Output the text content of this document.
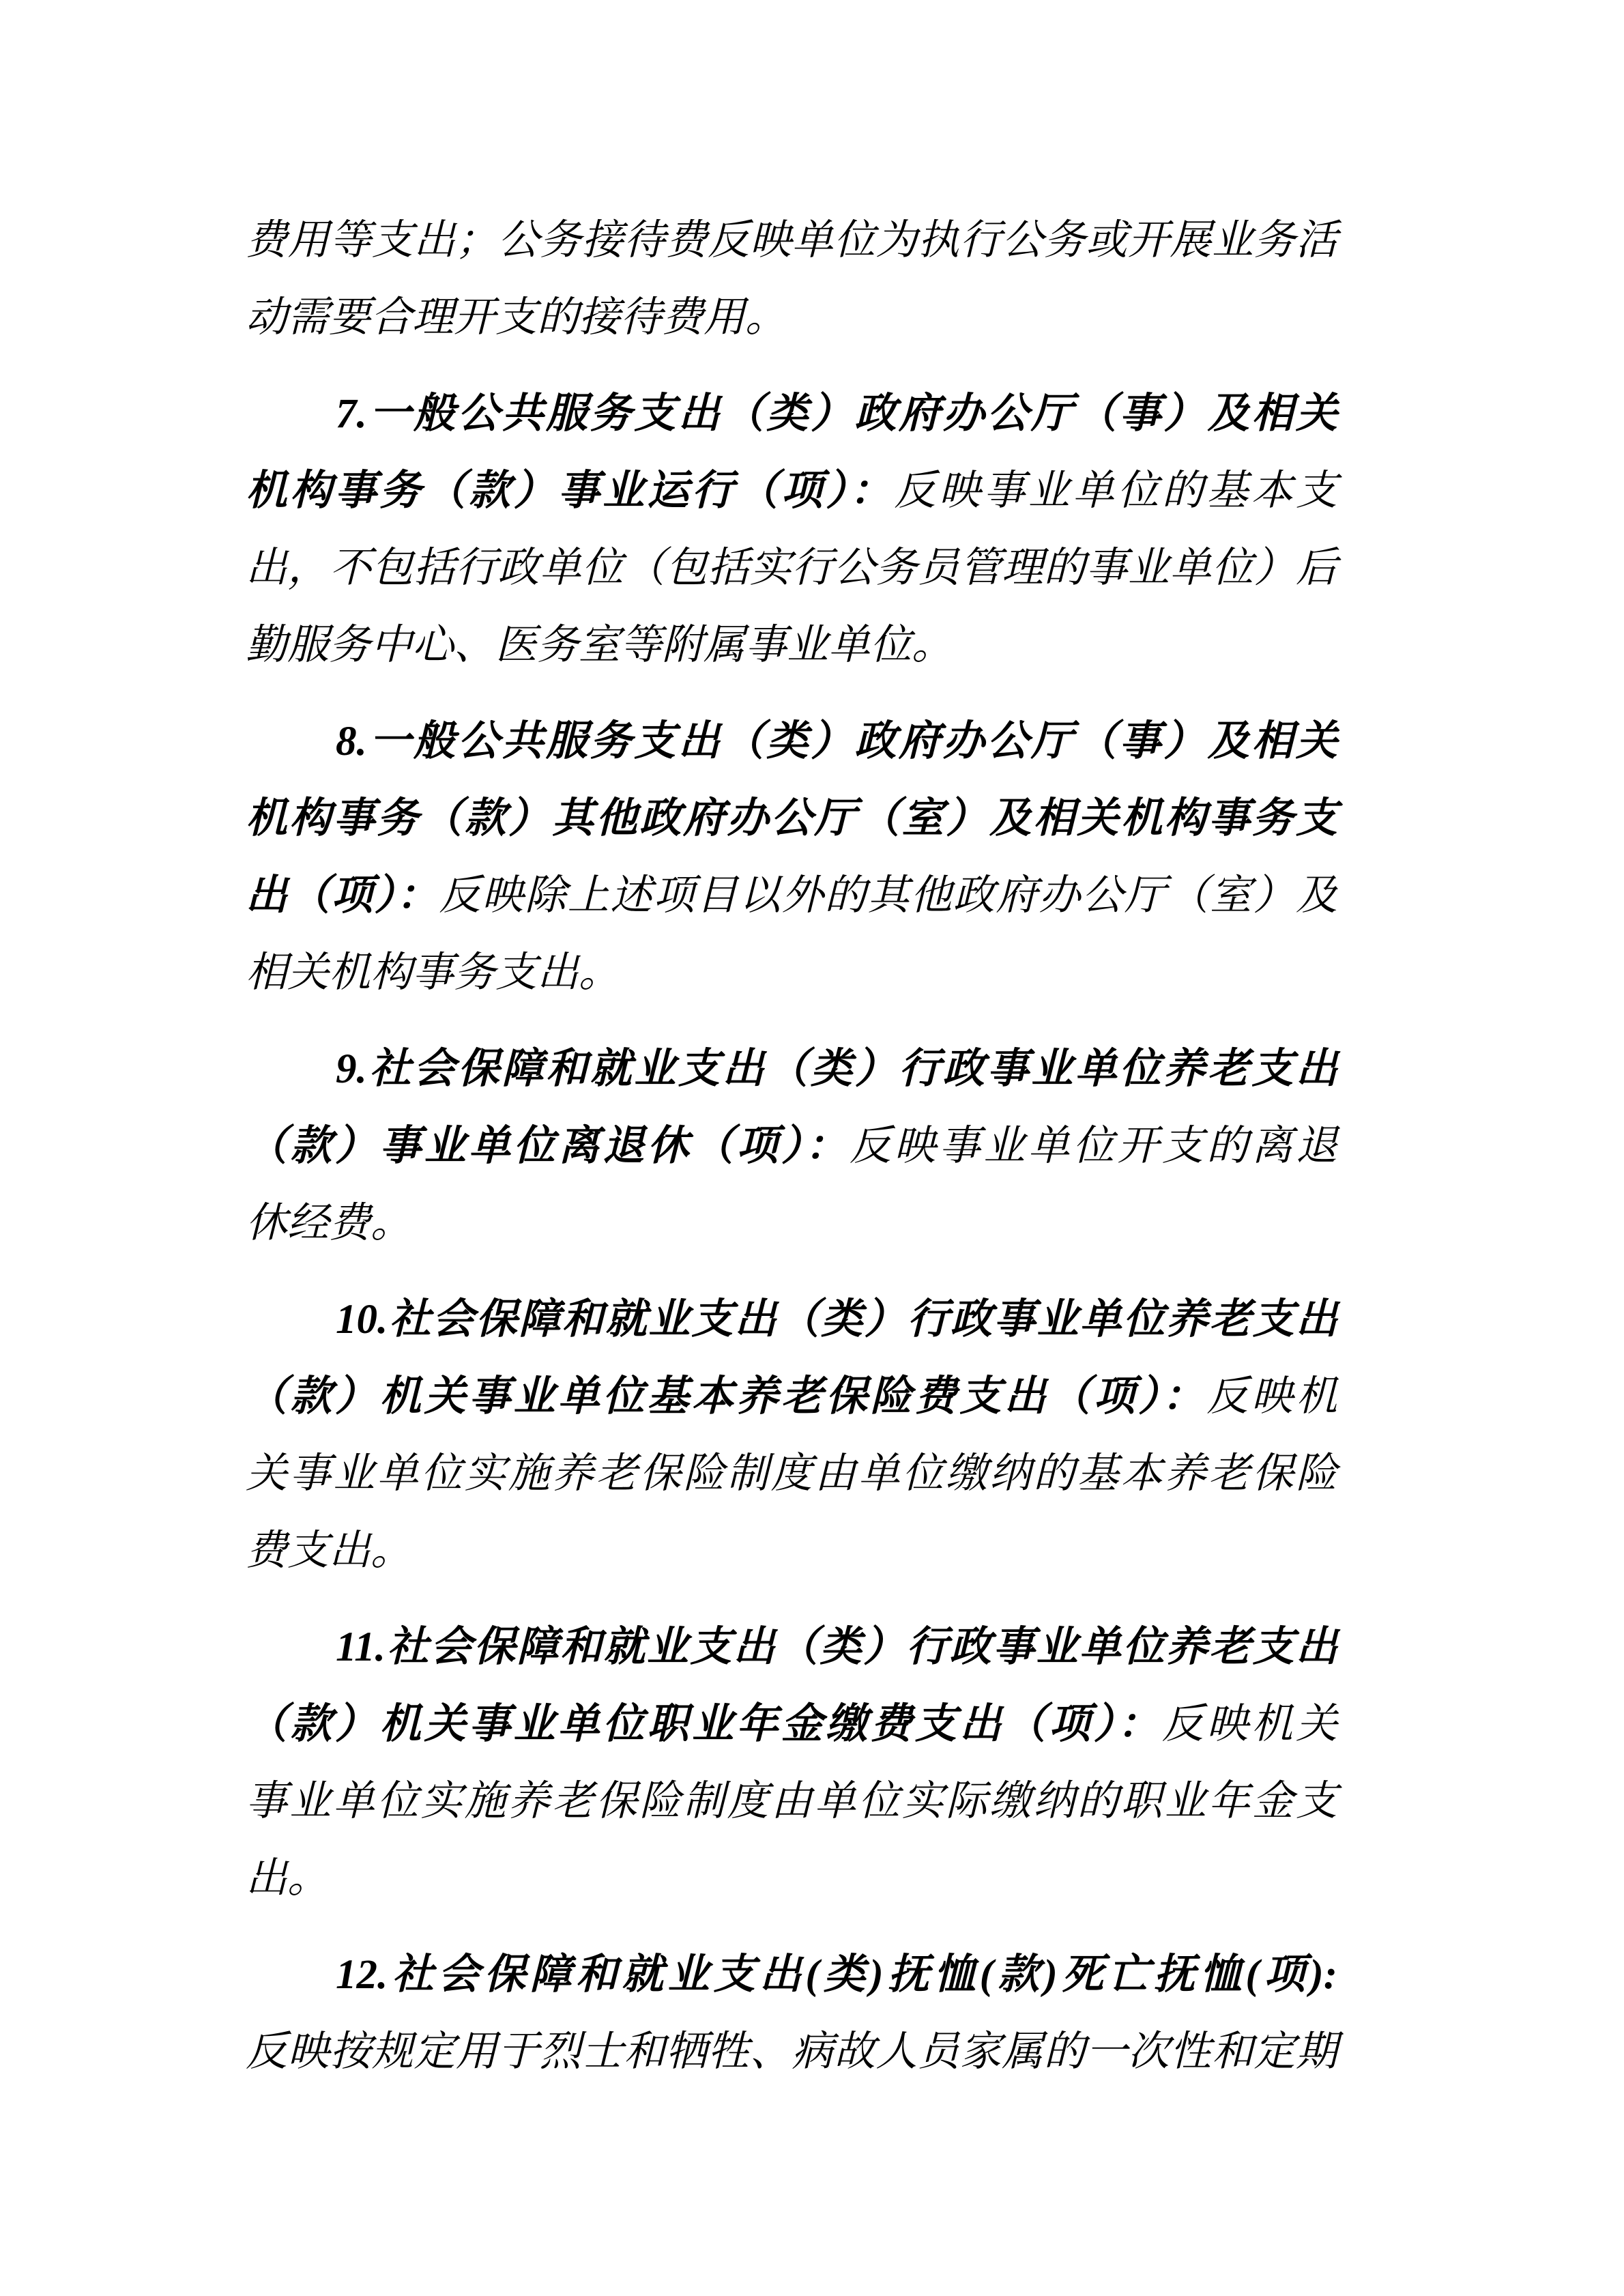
费用等支出；公务接待费反映单位为执行公务或开展业务活
动需要合理开支的接待费用。
7.一般公共服务支出（类）政府办公厅（事）及相关
机构事务（款）事业运行（项）：反映事业单位的基本支
出，不包括行政单位（包括实行公务员管理的事业单位）后
勤服务中心、医务室等附属事业单位。
8.一般公共服务支出（类）政府办公厅（事）及相关
机构事务（款）其他政府办公厅（室）及相关机构事务支
出（项）：反映除上述项目以外的其他政府办公厅（室）及
相关机构事务支出。
9.社会保障和就业支出（类）行政事业单位养老支出
（款）事业单位离退休（项）：反映事业单位开支的离退
休经费。
10.社会保障和就业支出（类）行政事业单位养老支出
（款）机关事业单位基本养老保险费支出（项）：反映机
关事业单位实施养老保险制度由单位缴纳的基本养老保险
费支出。
11.社会保障和就业支出（类）行政事业单位养老支出
（款）机关事业单位职业年金缴费支出（项）：反映机关
事业单位实施养老保险制度由单位实际缴纳的职业年金支
出。
12.社会保障和就业支出(类)抚恤(款)死亡抚恤(项):
反映按规定用于烈士和牺牲、病故人员家属的一次性和定期
